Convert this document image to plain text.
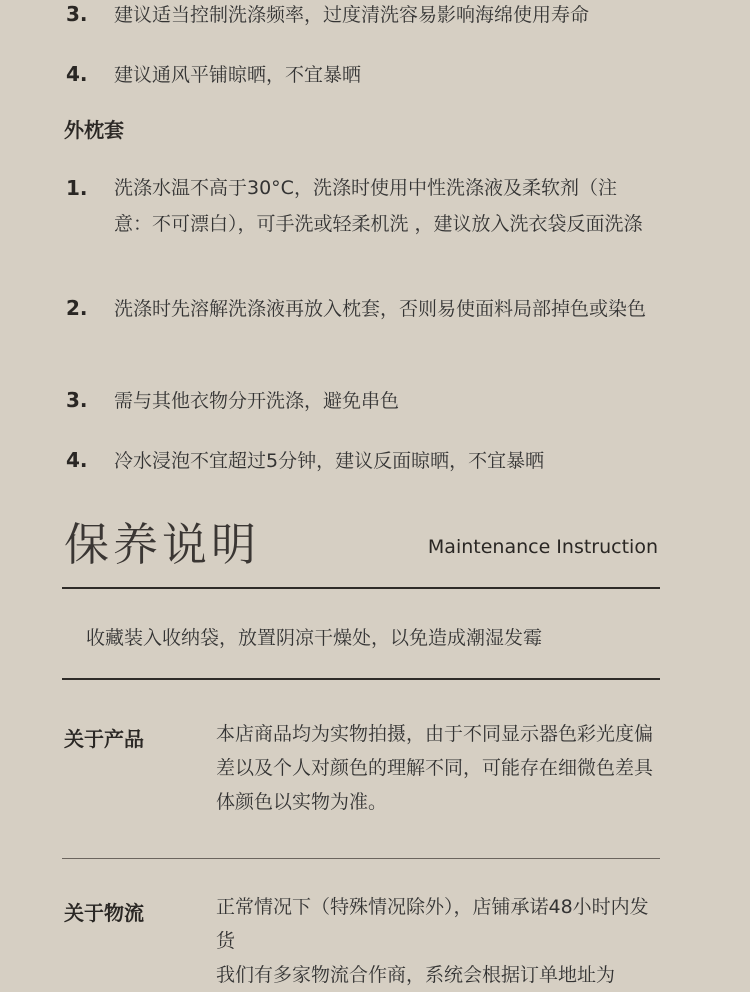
3. 建议适当控制洗涤频率，过度清洗容易影响海绵使用寿命
4. 建议通风平铺晾晒，不宜暴晒
外枕套
1. 洗涤水温不高于30°C，洗涤时使用中性洗涤液及柔软剂（注意：不可漂白），可手洗或轻柔机洗 ，建议放入洗衣袋反面洗涤
2. 洗涤时先溶解洗涤液再放入枕套，否则易使面料局部掉色或染色
3. 需与其他衣物分开洗涤，避免串色
4. 冷水浸泡不宜超过5分钟，建议反面晾晒，不宜暴晒
保养说明	Maintenance Instruction
收藏装入收纳袋，放置阴凉干燥处，以免造成潮湿发霉
关于产品	本店商品均为实物拍摄，由于不同显示器色彩光度偏差以及个人对颜色的理解不同，可能存在细微色差具体颜色以实物为准。
关于物流	正常情况下（特殊情况除外），店铺承诺48小时内发货
我们有多家物流合作商，系统会根据订单地址为
